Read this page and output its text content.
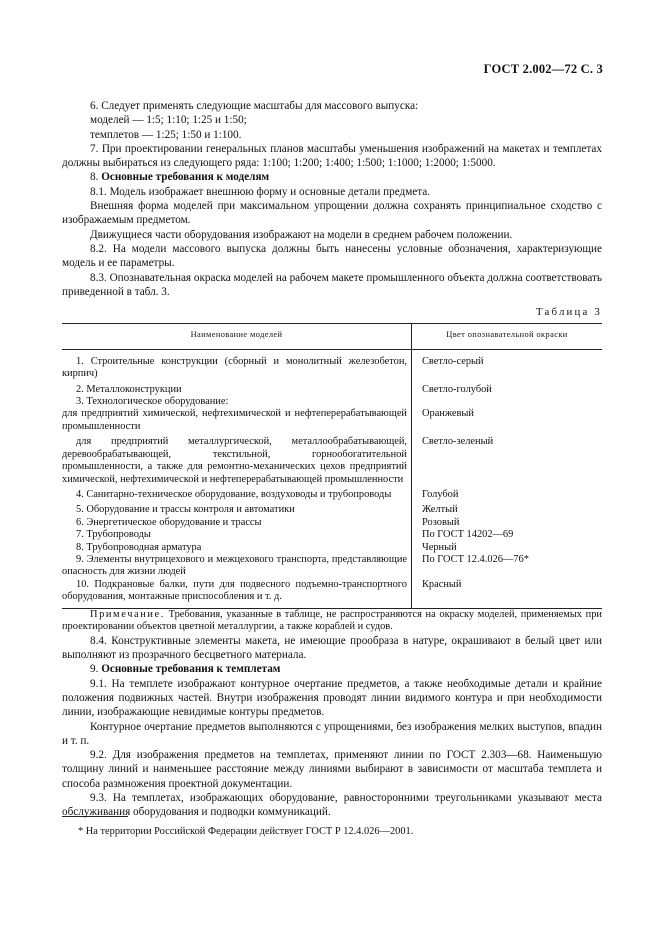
ГОСТ 2.002—72 С. 3

6. Следует применять следующие масштабы для массового выпуска:

моделей — 1:5; 1:10; 1:25 и 1:50;

темплетов — 1:25; 1:50 и 1:100.

7. При проектировании генеральных планов масштабы уменьшения изображений на макетах и темплетах должны выбираться из следующего ряда: 1:100; 1:200; 1:400; 1:500; 1:1000; 1:2000; 1:5000.

8. Основные требования к моделям

8.1. Модель изображает внешнюю форму и основные детали предмета.

Внешняя форма моделей при максимальном упрощении должна сохранять принципиальное сходство с изображаемым предметом.

Движущиеся части оборудования изображают на модели в среднем рабочем положении.

8.2. На модели массового выпуска должны быть нанесены условные обозначения, характеризующие модель и ее параметры.

8.3. Опознавательная окраска моделей на рабочем макете промышленного объекта должна соответствовать приведенной в табл. 3.

Таблица 3
Наименование моделей	Цвет опознавательной окраски
1. Строительные конструкции (сборный и монолитный железобетон, кирпич)	Светло-серый
2. Металлоконструкции	Светло-голубой
3. Технологическое оборудование:	
для предприятий химической, нефтехимической и нефтеперерабатывающей промышленности	Оранжевый
для предприятий металлургической, металлообрабатывающей, деревообрабатывающей, текстильной, горнообогатительной промышленности, а также для ремонтно-механических цехов предприятий химической, нефтехимической и нефтеперерабатывающей промышленности	Светло-зеленый
4. Санитарно-техническое оборудование, воздуховоды и трубопроводы	Голубой
5. Оборудование и трассы контроля и автоматики	Желтый
6. Энергетическое оборудование и трассы	Розовый
7. Трубопроводы	По ГОСТ 14202—69
8. Трубопроводная арматура	Черный
9. Элементы внутрицехового и межцехового транспорта, представляющие опасность для жизни людей	По ГОСТ 12.4.026—76*
10. Подкрановые балки, пути для подвесного подъемно-транспортного оборудования, монтажные приспособления и т. д.	Красный

Примечание. Требования, указанные в таблице, не распространяются на окраску моделей, применяемых при проектировании объектов цветной металлургии, а также кораблей и судов.

8.4. Конструктивные элементы макета, не имеющие прообраза в натуре, окрашивают в белый цвет или выполняют из прозрачного бесцветного материала.

9. Основные требования к темплетам

9.1. На темплете изображают контурное очертание предметов, а также необходимые детали и крайние положения подвижных частей. Внутри изображения проводят линии видимого контура и при необходимости линии, изображающие невидимые контуры предметов.

Контурное очертание предметов выполняются с упрощениями, без изображения мелких выступов, впадин и т. п.

9.2. Для изображения предметов на темплетах, применяют линии по ГОСТ 2.303—68. Наименьшую толщину линий и наименьшее расстояние между линиями выбирают в зависимости от масштаба темплета и способа размножения проектной документации.

9.3. На темплетах, изображающих оборудование, равносторонними треугольниками указывают места обслуживания оборудования и подводки коммуникаций.

* На территории Российской Федерации действует ГОСТ Р 12.4.026—2001.
